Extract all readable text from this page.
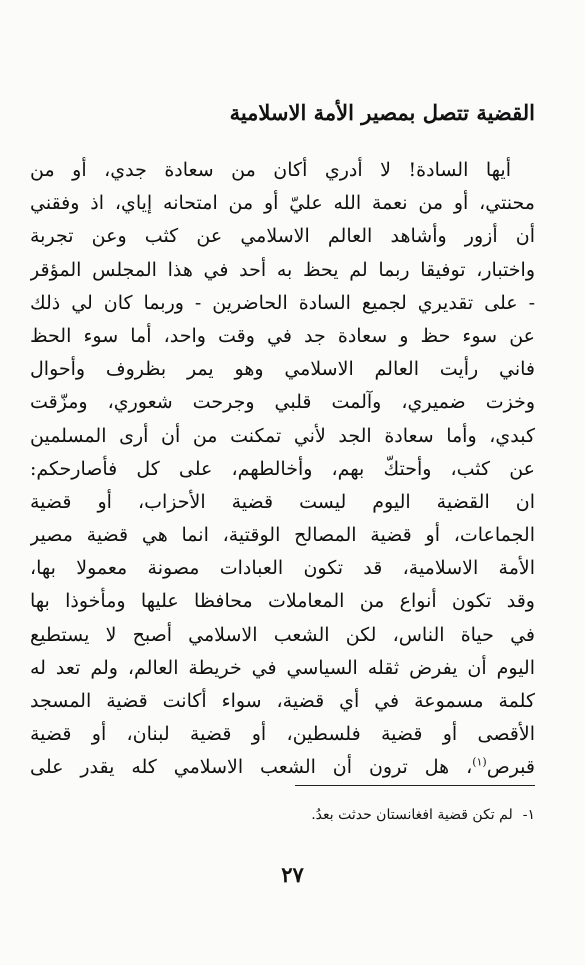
القضية تتصل بمصير الأمة الاسلامية
أيها السادة! لا أدري أكان من سعادة جدي، أو من
محنتي، أو من نعمة الله عليّ أو من امتحانه إياي، اذ وفقني
أن أزور وأشاهد العالم الاسلامي عن كثب وعن تجربة
واختبار، توفيقا ربما لم يحظ به أحد في هذا المجلس المؤقر
- على تقديري لجميع السادة الحاضرين - وربما كان لي ذلك
عن سوء حظ و سعادة جد في وقت واحد، أما سوء الحظ
فاني رأيت العالم الاسلامي وهو يمر بظروف وأحوال
وخزت ضميري، وآلمت قلبي وجرحت شعوري، ومزّقت
كبدي، وأما سعادة الجد لأني تمكنت من أن أرى المسلمين
عن كثب، وأحتكّ بهم، وأخالطهم، على كل فأصارحكم:
ان القضية اليوم ليست قضية الأحزاب، أو قضية
الجماعات، أو قضية المصالح الوقتية، انما هي قضية مصير
الأمة الاسلامية، قد تكون العبادات مصونة معمولا بها،
وقد تكون أنواع من المعاملات محافظا عليها ومأخوذا بها
في حياة الناس، لكن الشعب الاسلامي أصبح لا يستطيع
اليوم أن يفرض ثقله السياسي في خريطة العالم، ولم تعد له
كلمة مسموعة في أي قضية، سواء أكانت قضية المسجد
الأقصى أو قضية فلسطين، أو قضية لبنان، أو قضية
قبرص$^{(١)}$، هل ترون أن الشعب الاسلامي كله يقدر على
١-لم تكن قضية افغانستان حدثت بعدُ.
٢٧
